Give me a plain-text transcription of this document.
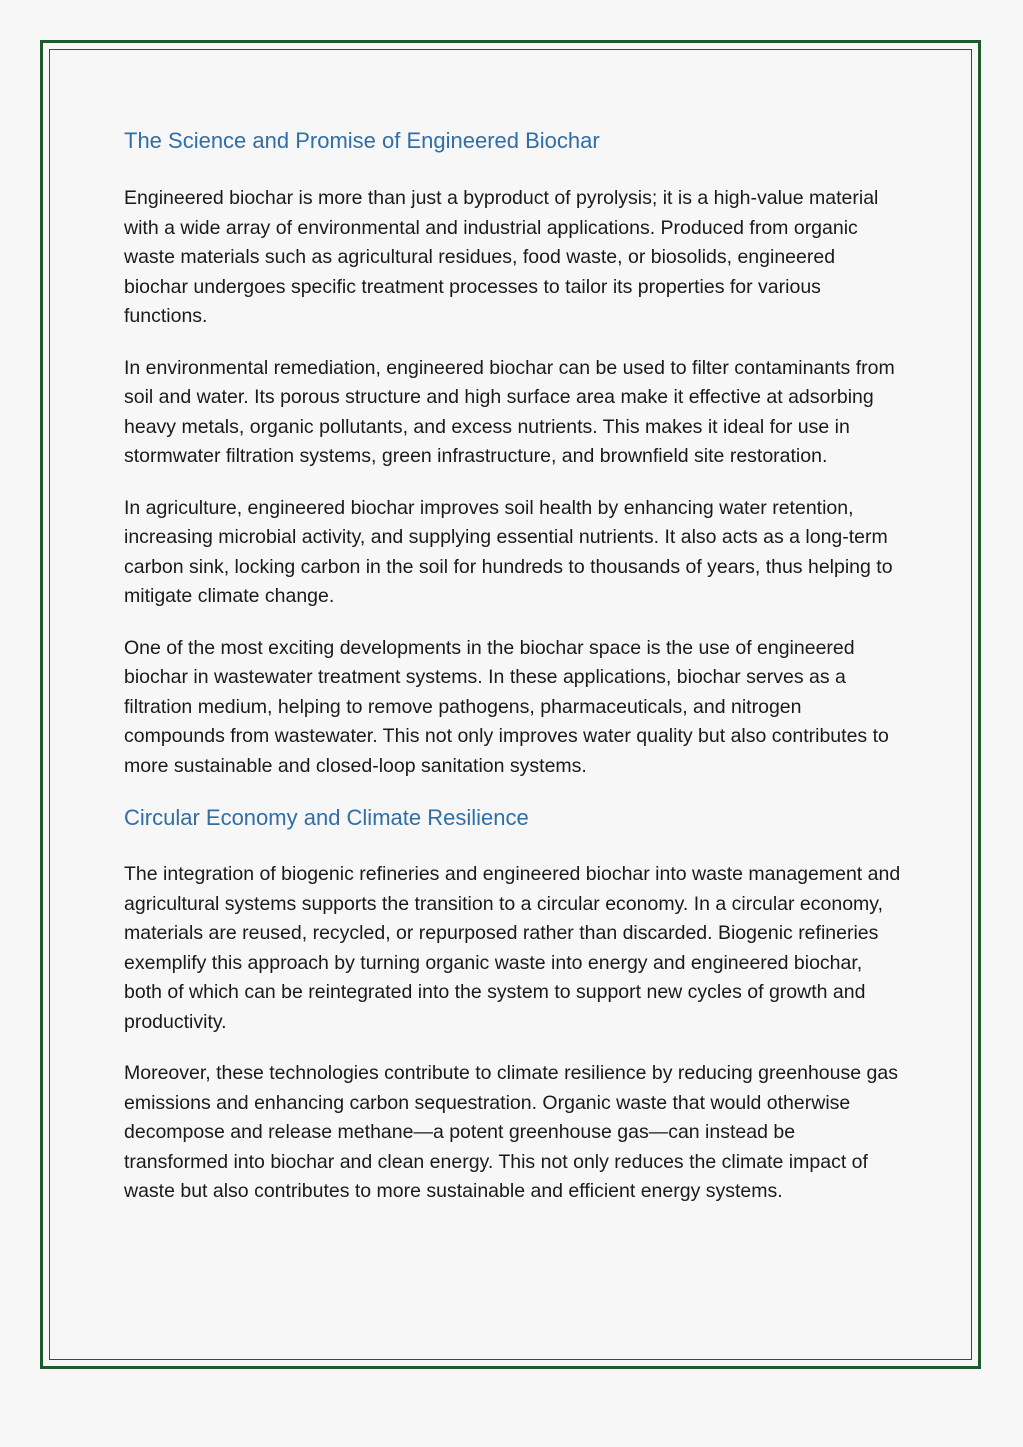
The Science and Promise of Engineered Biochar

Engineered biochar is more than just a byproduct of pyrolysis; it is a high-value material with a wide array of environmental and industrial applications. Produced from organic waste materials such as agricultural residues, food waste, or biosolids, engineered biochar undergoes specific treatment processes to tailor its properties for various functions.

In environmental remediation, engineered biochar can be used to filter contaminants from soil and water. Its porous structure and high surface area make it effective at adsorbing heavy metals, organic pollutants, and excess nutrients. This makes it ideal for use in stormwater filtration systems, green infrastructure, and brownfield site restoration.

In agriculture, engineered biochar improves soil health by enhancing water retention, increasing microbial activity, and supplying essential nutrients. It also acts as a long-term carbon sink, locking carbon in the soil for hundreds to thousands of years, thus helping to mitigate climate change.

One of the most exciting developments in the biochar space is the use of engineered biochar in wastewater treatment systems. In these applications, biochar serves as a filtration medium, helping to remove pathogens, pharmaceuticals, and nitrogen compounds from wastewater. This not only improves water quality but also contributes to more sustainable and closed-loop sanitation systems.

Circular Economy and Climate Resilience

The integration of biogenic refineries and engineered biochar into waste management and agricultural systems supports the transition to a circular economy. In a circular economy, materials are reused, recycled, or repurposed rather than discarded. Biogenic refineries exemplify this approach by turning organic waste into energy and engineered biochar, both of which can be reintegrated into the system to support new cycles of growth and productivity.

Moreover, these technologies contribute to climate resilience by reducing greenhouse gas emissions and enhancing carbon sequestration. Organic waste that would otherwise decompose and release methane—a potent greenhouse gas—can instead be transformed into biochar and clean energy. This not only reduces the climate impact of waste but also contributes to more sustainable and efficient energy systems.
